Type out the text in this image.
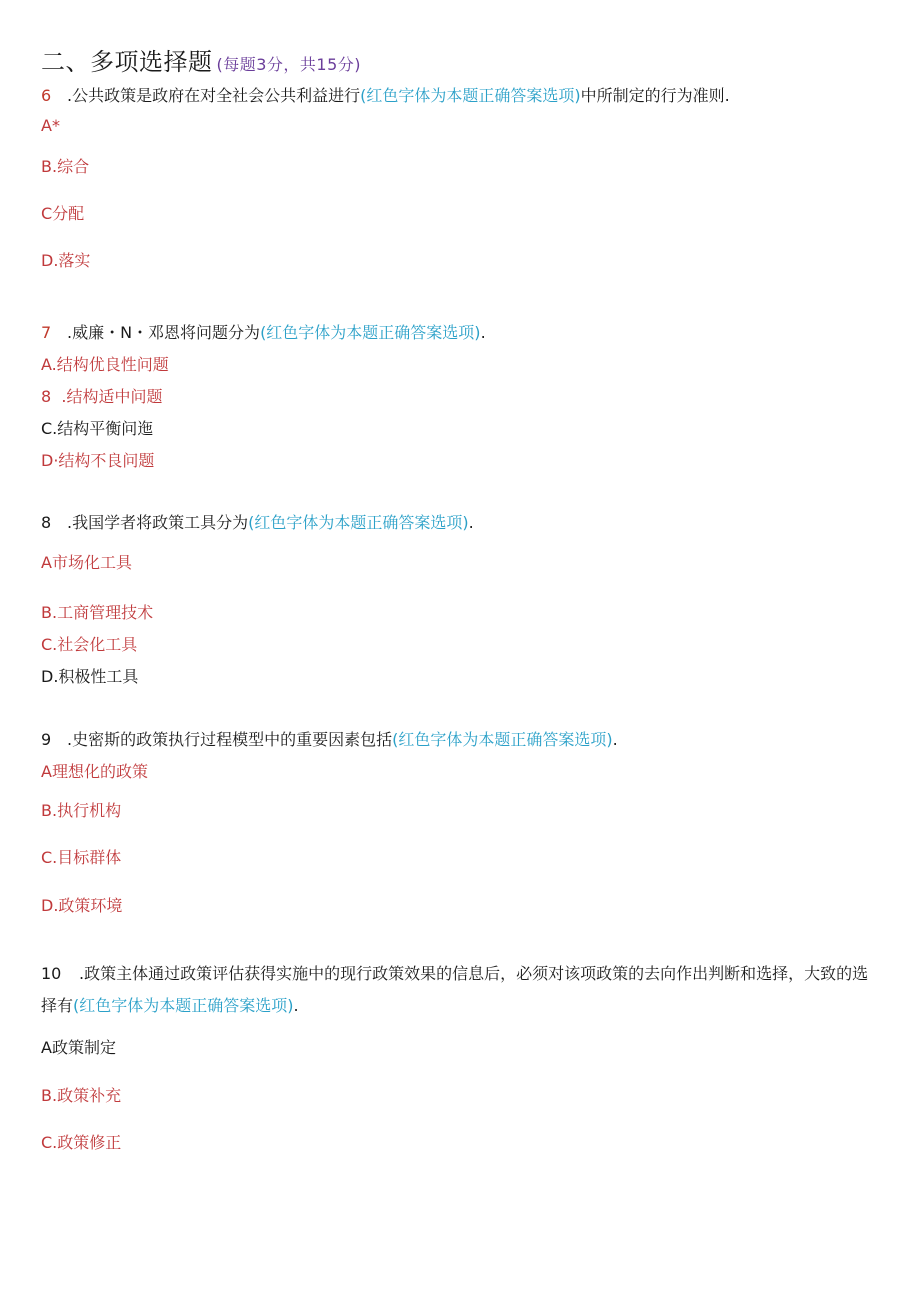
二、多项选择题 (每题3分，共15分)
6 .公共政策是政府在对全社会公共利益进行(红色字体为本题正确答案选项)中所制定的行为准则.
A*
B.综合
C分配
D.落实
7 .威廉・N・邓恩将问题分为(红色字体为本题正确答案选项).
A.结构优良性问题
8  .结构适中问题
C.结构平衡问迤
D·结构不良问题
8 .我国学者将政策工具分为(红色字体为本题正确答案选项).
A市场化工具
B.工商管理技术
C.社会化工具
D.积极性工具
9 .史密斯的政策执行过程模型中的重要因素包括(红色字体为本题正确答案选项).
A理想化的政策
B.执行机构
C.目标群体
D.政策环境
10 .政策主体通过政策评估获得实施中的现行政策效果的信息后，必须对该项政策的去向作出判断和选择，大致的选择有(红色字体为本题正确答案选项).
A政策制定
B.政策补充
C.政策修正
